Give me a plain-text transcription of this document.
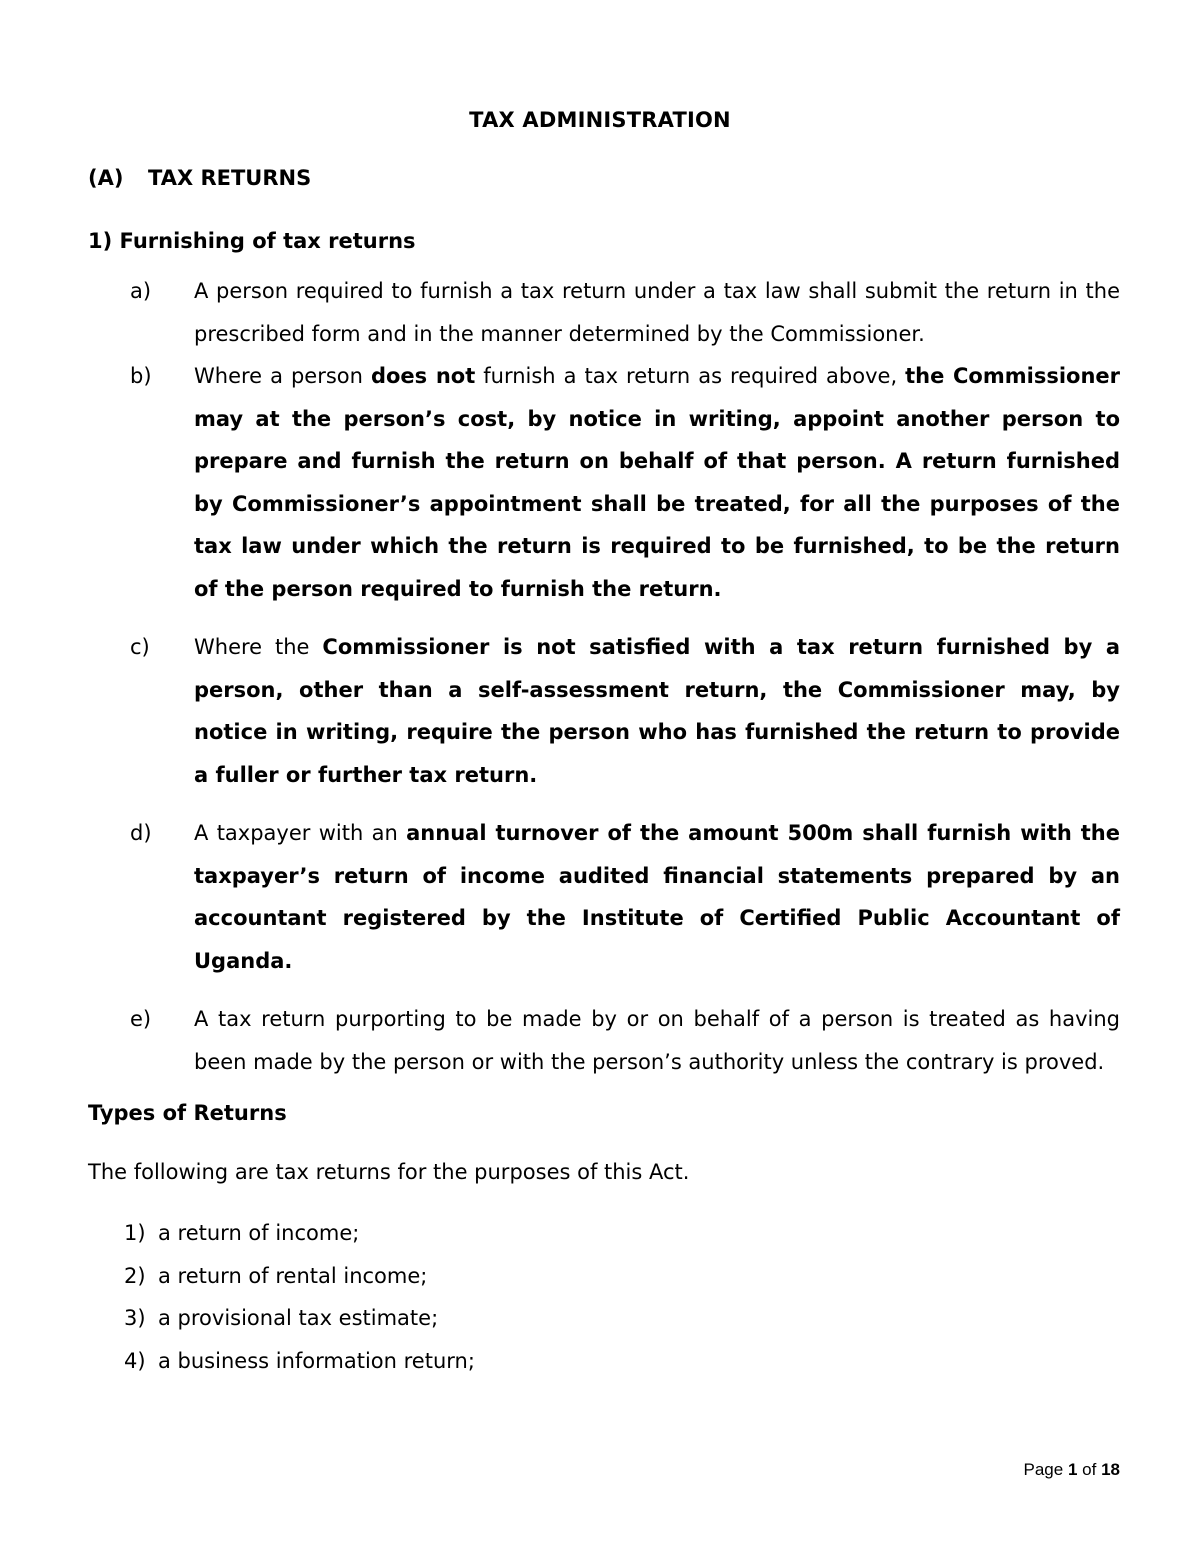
TAX ADMINISTRATION
(A) TAX RETURNS
1) Furnishing of tax returns
a) A person required to furnish a tax return under a tax law shall submit the return in the prescribed form and in the manner determined by the Commissioner.
b) Where a person does not furnish a tax return as required above, the Commissioner may at the person’s cost, by notice in writing, appoint another person to prepare and furnish the return on behalf of that person. A return furnished by Commissioner’s appointment shall be treated, for all the purposes of the tax law under which the return is required to be furnished, to be the return of the person required to furnish the return.
c) Where the Commissioner is not satisfied with a tax return furnished by a person, other than a self-assessment return, the Commissioner may, by notice in writing, require the person who has furnished the return to provide a fuller or further tax return.
d) A taxpayer with an annual turnover of the amount 500m shall furnish with the taxpayer’s return of income audited financial statements prepared by an accountant registered by the Institute of Certified Public Accountant of Uganda.
e) A tax return purporting to be made by or on behalf of a person is treated as having been made by the person or with the person’s authority unless the contrary is proved.
Types of Returns
The following are tax returns for the purposes of this Act.
1) a return of income;
2) a return of rental income;
3) a provisional tax estimate;
4) a business information return;
Page 1 of 18
